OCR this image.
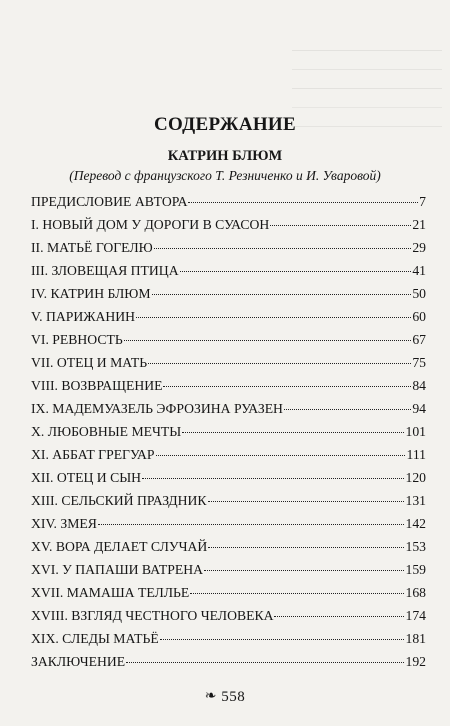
СОДЕРЖАНИЕ
КАТРИН БЛЮМ
(Перевод с французского Т. Резниченко и И. Уваровой)
ПРЕДИСЛОВИЕ АВТОРА	7
I. НОВЫЙ ДОМ У ДОРОГИ В СУАСОН	21
II. МАТЬЁ ГОГЕЛЮ	29
III. ЗЛОВЕЩАЯ ПТИЦА	41
IV. КАТРИН БЛЮМ	50
V. ПАРИЖАНИН	60
VI. РЕВНОСТЬ	67
VII. ОТЕЦ И МАТЬ	75
VIII. ВОЗВРАЩЕНИЕ	84
IX. МАДЕМУАЗЕЛЬ ЭФРОЗИНА РУАЗЕН	94
X. ЛЮБОВНЫЕ МЕЧТЫ	101
XI. АББАТ ГРЕГУАР	111
XII. ОТЕЦ И СЫН	120
XIII. СЕЛЬСКИЙ ПРАЗДНИК	131
XIV. ЗМЕЯ	142
XV. ВОРА ДЕЛАЕТ СЛУЧАЙ	153
XVI. У ПАПАШИ ВАТРЕНА	159
XVII. МАМАША ТЕЛЛЬЕ	168
XVIII. ВЗГЛЯД ЧЕСТНОГО ЧЕЛОВЕКА	174
XIX. СЛЕДЫ МАТЬЁ	181
ЗАКЛЮЧЕНИЕ	192
❧ 558
